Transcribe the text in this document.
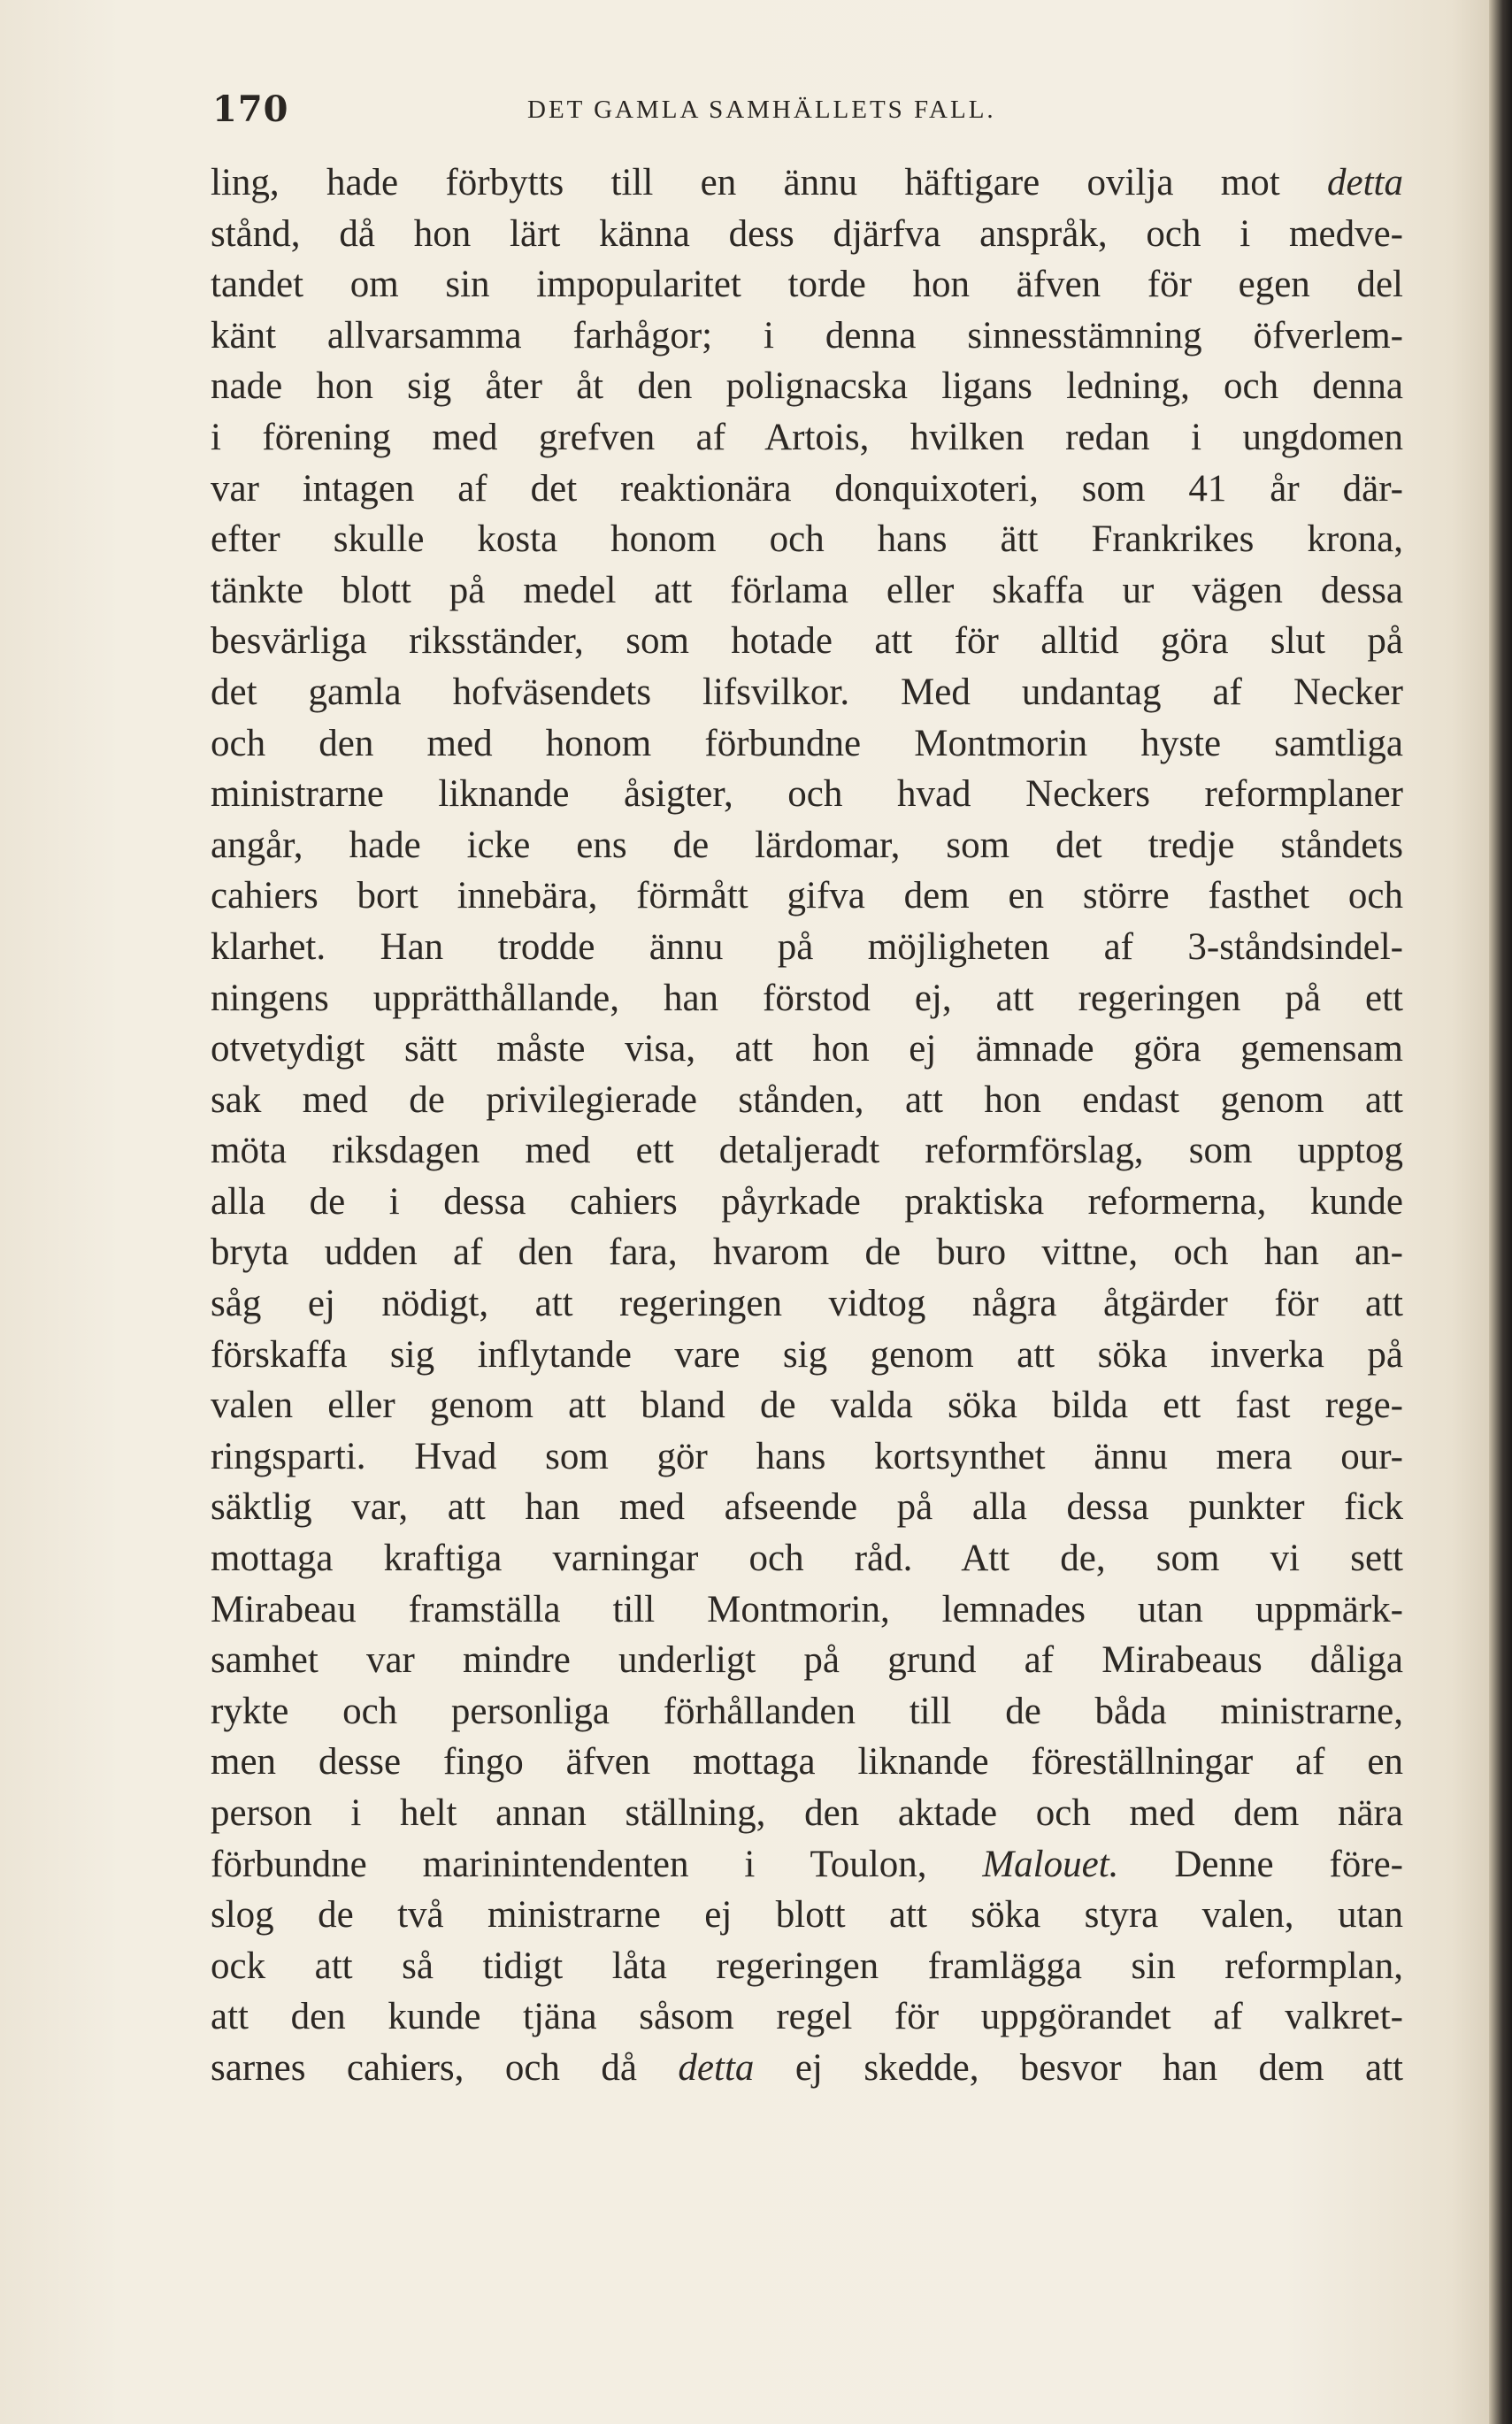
170	DET GAMLA SAMHÄLLETS FALL.
ling, hade förbytts till en ännu häftigare ovilja mot detta
stånd, då hon lärt känna dess djärfva anspråk, och i medve-
tandet om sin impopularitet torde hon äfven för egen del
känt allvarsamma farhågor; i denna sinnesstämning öfverlem-
nade hon sig åter åt den polignacska ligans ledning, och denna
i förening med grefven af Artois, hvilken redan i ungdomen
var intagen af det reaktionära donquixoteri, som 41 år där-
efter skulle kosta honom och hans ätt Frankrikes krona,
tänkte blott på medel att förlama eller skaffa ur vägen dessa
besvärliga riksständer, som hotade att för alltid göra slut på
det gamla hofväsendets lifsvilkor. Med undantag af Necker
och den med honom förbundne Montmorin hyste samtliga
ministrarne liknande åsigter, och hvad Neckers reformplaner
angår, hade icke ens de lärdomar, som det tredje ståndets
cahiers bort innebära, förmått gifva dem en större fasthet och
klarhet. Han trodde ännu på möjligheten af 3-ståndsindel-
ningens upprätthållande, han förstod ej, att regeringen på ett
otvetydigt sätt måste visa, att hon ej ämnade göra gemensam
sak med de privilegierade stånden, att hon endast genom att
möta riksdagen med ett detaljeradt reformförslag, som upptog
alla de i dessa cahiers påyrkade praktiska reformerna, kunde
bryta udden af den fara, hvarom de buro vittne, och han an-
såg ej nödigt, att regeringen vidtog några åtgärder för att
förskaffa sig inflytande vare sig genom att söka inverka på
valen eller genom att bland de valda söka bilda ett fast rege-
ringsparti. Hvad som gör hans kortsynthet ännu mera our-
säktlig var, att han med afseende på alla dessa punkter fick
mottaga kraftiga varningar och råd. Att de, som vi sett
Mirabeau framställa till Montmorin, lemnades utan uppmärk-
samhet var mindre underligt på grund af Mirabeaus dåliga
rykte och personliga förhållanden till de båda ministrarne,
men desse fingo äfven mottaga liknande föreställningar af en
person i helt annan ställning, den aktade och med dem nära
förbundne marinintendenten i Toulon, Malouet. Denne före-
slog de två ministrarne ej blott att söka styra valen, utan
ock att så tidigt låta regeringen framlägga sin reformplan,
att den kunde tjäna såsom regel för uppgörandet af valkret-
sarnes cahiers, och då detta ej skedde, besvor han dem att
